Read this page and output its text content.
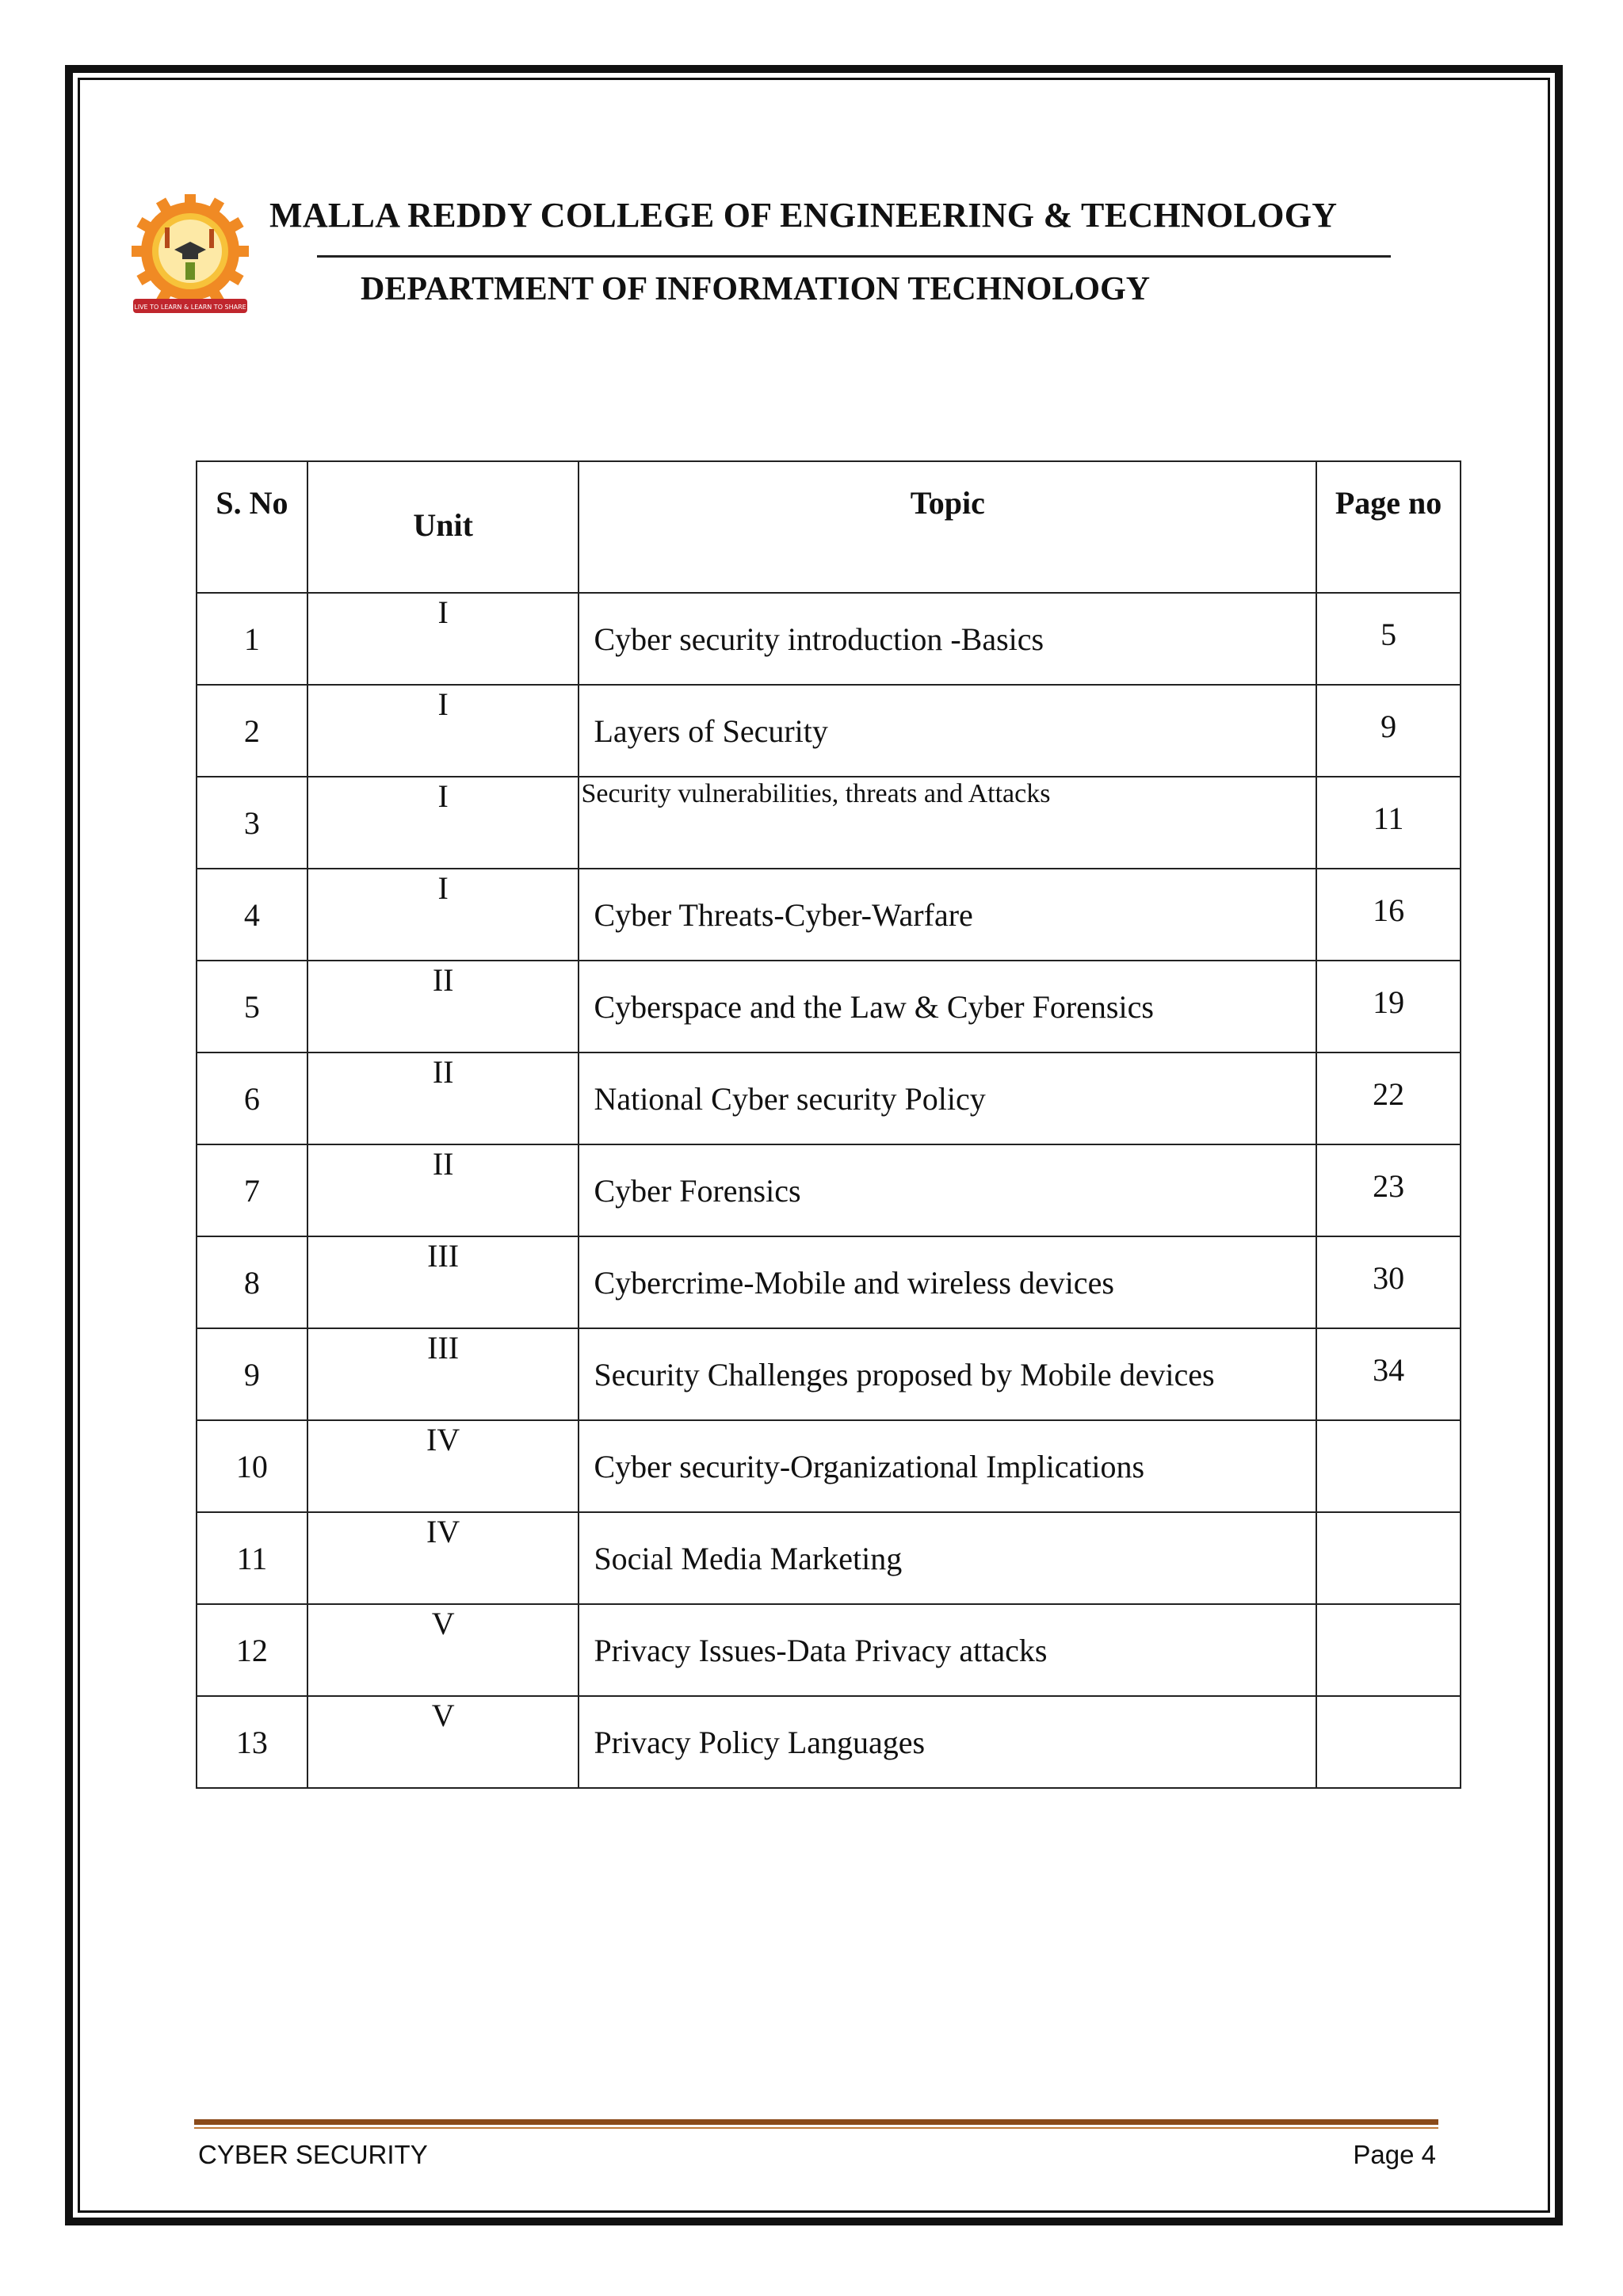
LIVE TO LEARN & LEARN TO SHARE
MALLA REDDY COLLEGE OF ENGINEERING & TECHNOLOGY
DEPARTMENT OF INFORMATION TECHNOLOGY
S. No	Unit	Topic	Page no

1	I	Cyber security introduction -Basics	5

2	I	Layers of Security	9

3	I	Security vulnerabilities, threats and Attacks	11

4	I	Cyber Threats-Cyber-Warfare	16

5	II	Cyberspace and the Law & Cyber Forensics	19

6	II	National Cyber security Policy	22

7	II	Cyber Forensics	23

8	III	Cybercrime-Mobile and wireless devices	30

9	III	Security Challenges proposed by Mobile devices	34

10	IV	Cyber security-Organizational Implications	

11	IV	Social Media Marketing	

12	V	Privacy Issues-Data Privacy attacks	

13	V	Privacy Policy Languages	

CYBER SECURITY	Page 4
